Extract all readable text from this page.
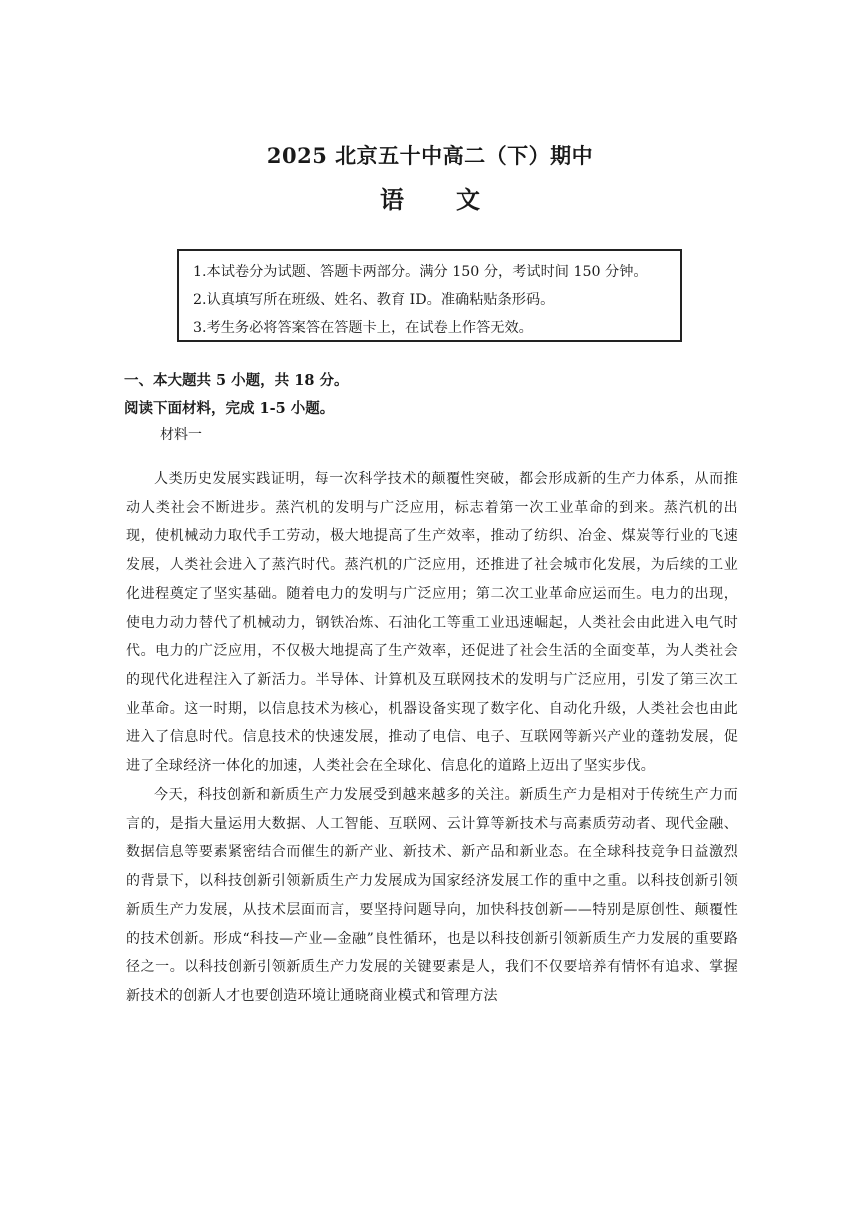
2025 北京五十中高二（下）期中
语 文
1.本试卷分为试题、答题卡两部分。满分 150 分，考试时间 150 分钟。
2.认真填写所在班级、姓名、教育 ID。准确粘贴条形码。
3.考生务必将答案答在答题卡上，在试卷上作答无效。
一、本大题共 5 小题，共 18 分。
阅读下面材料，完成 1-5 小题。
材料一

人类历史发展实践证明，每一次科学技术的颠覆性突破，都会形成新的生产力体系，从而推动人类社会不断进步。蒸汽机的发明与广泛应用，标志着第一次工业革命的到来。蒸汽机的出现，使机械动力取代手工劳动，极大地提高了生产效率，推动了纺织、冶金、煤炭等行业的飞速发展，人类社会进入了蒸汽时代。蒸汽机的广泛应用，还推进了社会城市化发展，为后续的工业化进程奠定了坚实基础。随着电力的发明与广泛应用；第二次工业革命应运而生。电力的出现，使电力动力替代了机械动力，钢铁冶炼、石油化工等重工业迅速崛起，人类社会由此进入电气时代。电力的广泛应用，不仅极大地提高了生产效率，还促进了社会生活的全面变革，为人类社会的现代化进程注入了新活力。半导体、计算机及互联网技术的发明与广泛应用，引发了第三次工业革命。这一时期，以信息技术为核心，机器设备实现了数字化、自动化升级，人类社会也由此进入了信息时代。信息技术的快速发展，推动了电信、电子、互联网等新兴产业的蓬勃发展，促进了全球经济一体化的加速，人类社会在全球化、信息化的道路上迈出了坚实步伐。

今天，科技创新和新质生产力发展受到越来越多的关注。新质生产力是相对于传统生产力而言的，是指大量运用大数据、人工智能、互联网、云计算等新技术与高素质劳动者、现代金融、数据信息等要素紧密结合而催生的新产业、新技术、新产品和新业态。在全球科技竞争日益激烈的背景下，以科技创新引领新质生产力发展成为国家经济发展工作的重中之重。以科技创新引领新质生产力发展，从技术层面而言，要坚持问题导向，加快科技创新——特别是原创性、颠覆性的技术创新。形成“科技—产业—金融”良性循环，也是以科技创新引领新质生产力发展的重要路径之一。以科技创新引领新质生产力发展的关键要素是人，我们不仅要培养有情怀有追求、掌握新技术的创新人才也要创造环境让通晓商业模式和管理方法
